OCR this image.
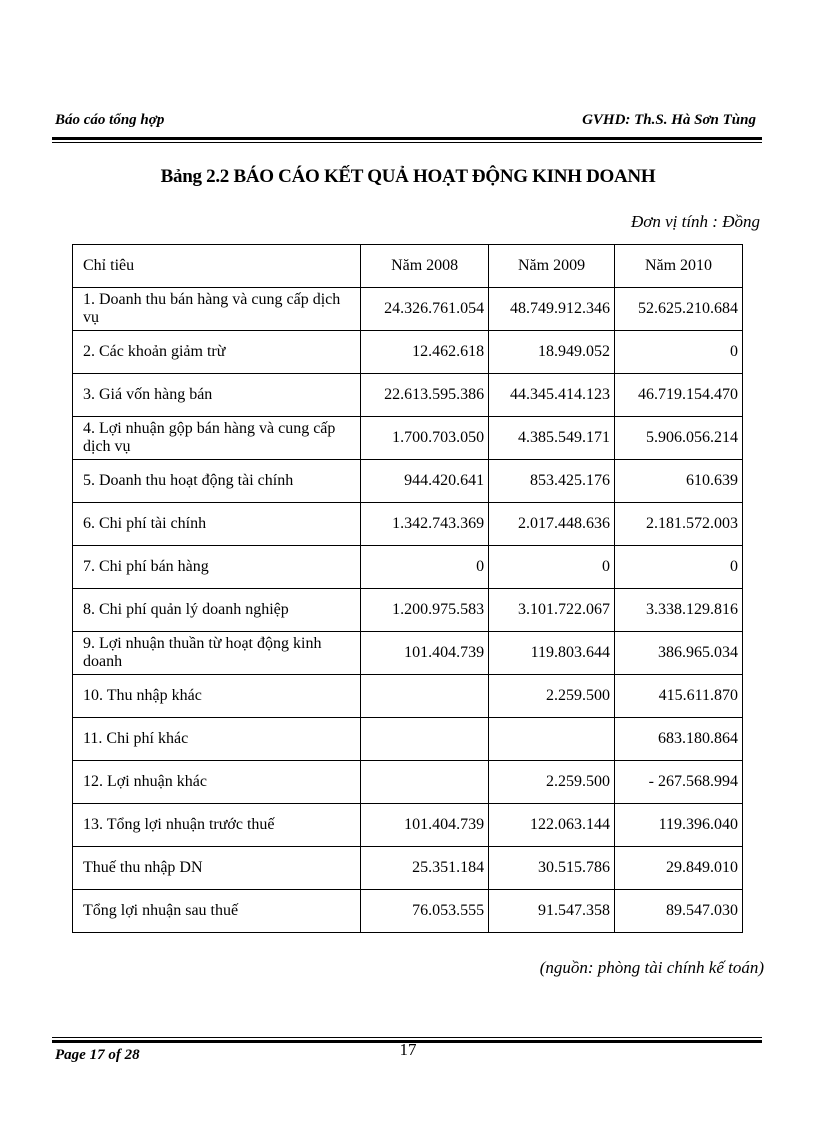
Báo cáo tổng hợp	GVHD: Th.S. Hà Sơn Tùng
Bảng 2.2 BÁO CÁO KẾT QUẢ HOẠT ĐỘNG KINH DOANH
Đơn vị tính : Đồng
Chỉ tiêu	Năm 2008	Năm 2009	Năm 2010
1. Doanh thu bán hàng và cung cấp dịch vụ	24.326.761.054	48.749.912.346	52.625.210.684
2. Các khoản giảm trừ	12.462.618	18.949.052	0
3. Giá vốn hàng bán	22.613.595.386	44.345.414.123	46.719.154.470
4. Lợi nhuận gộp bán hàng và cung cấp dịch vụ	1.700.703.050	4.385.549.171	5.906.056.214
5. Doanh thu hoạt động tài chính	944.420.641	853.425.176	610.639
6. Chi phí tài chính	1.342.743.369	2.017.448.636	2.181.572.003
7. Chi phí bán hàng	0	0	0
8. Chi phí quản lý doanh nghiệp	1.200.975.583	3.101.722.067	3.338.129.816
9. Lợi nhuận thuần từ hoạt động kinh doanh	101.404.739	119.803.644	386.965.034
10. Thu nhập khác		2.259.500	415.611.870
11. Chi phí khác			683.180.864
12. Lợi nhuận khác		2.259.500	- 267.568.994
13. Tổng lợi nhuận trước thuế	101.404.739	122.063.144	119.396.040
Thuế thu nhập DN	25.351.184	30.515.786	29.849.010
Tổng lợi nhuận sau thuế	76.053.555	91.547.358	89.547.030
(nguồn: phòng tài chính kế toán)
Page 17 of 28	17
